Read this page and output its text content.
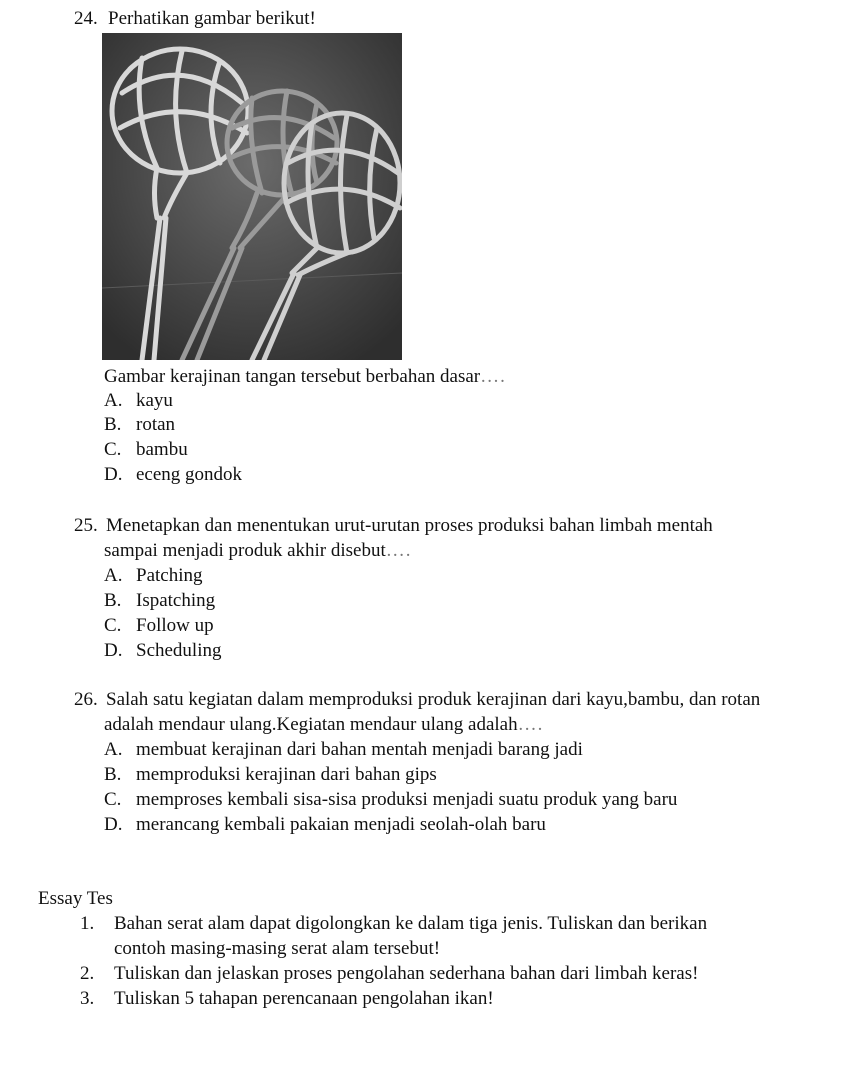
24. Perhatikan gambar berikut!
Gambar kerajinan tangan tersebut berbahan dasar….
A. kayu
B. rotan
C. bambu
D. eceng gondok
25. Menetapkan dan menentukan urut-urutan proses produksi bahan limbah mentah
sampai menjadi produk akhir disebut….
A. Patching
B. Ispatching
C. Follow up
D. Scheduling
26. Salah satu kegiatan dalam memproduksi produk kerajinan dari kayu,bambu, dan rotan
adalah mendaur ulang.Kegiatan mendaur ulang adalah….
A. membuat kerajinan dari bahan mentah menjadi barang jadi
B. memproduksi kerajinan dari bahan gips
C. memproses kembali sisa-sisa produksi menjadi suatu produk yang baru
D. merancang kembali pakaian menjadi seolah-olah baru
Essay Tes
1. Bahan serat alam dapat digolongkan ke dalam tiga jenis. Tuliskan dan berikan
contoh masing-masing serat alam tersebut!
2. Tuliskan dan jelaskan proses pengolahan sederhana bahan dari limbah keras!
3. Tuliskan 5 tahapan perencanaan pengolahan ikan!
